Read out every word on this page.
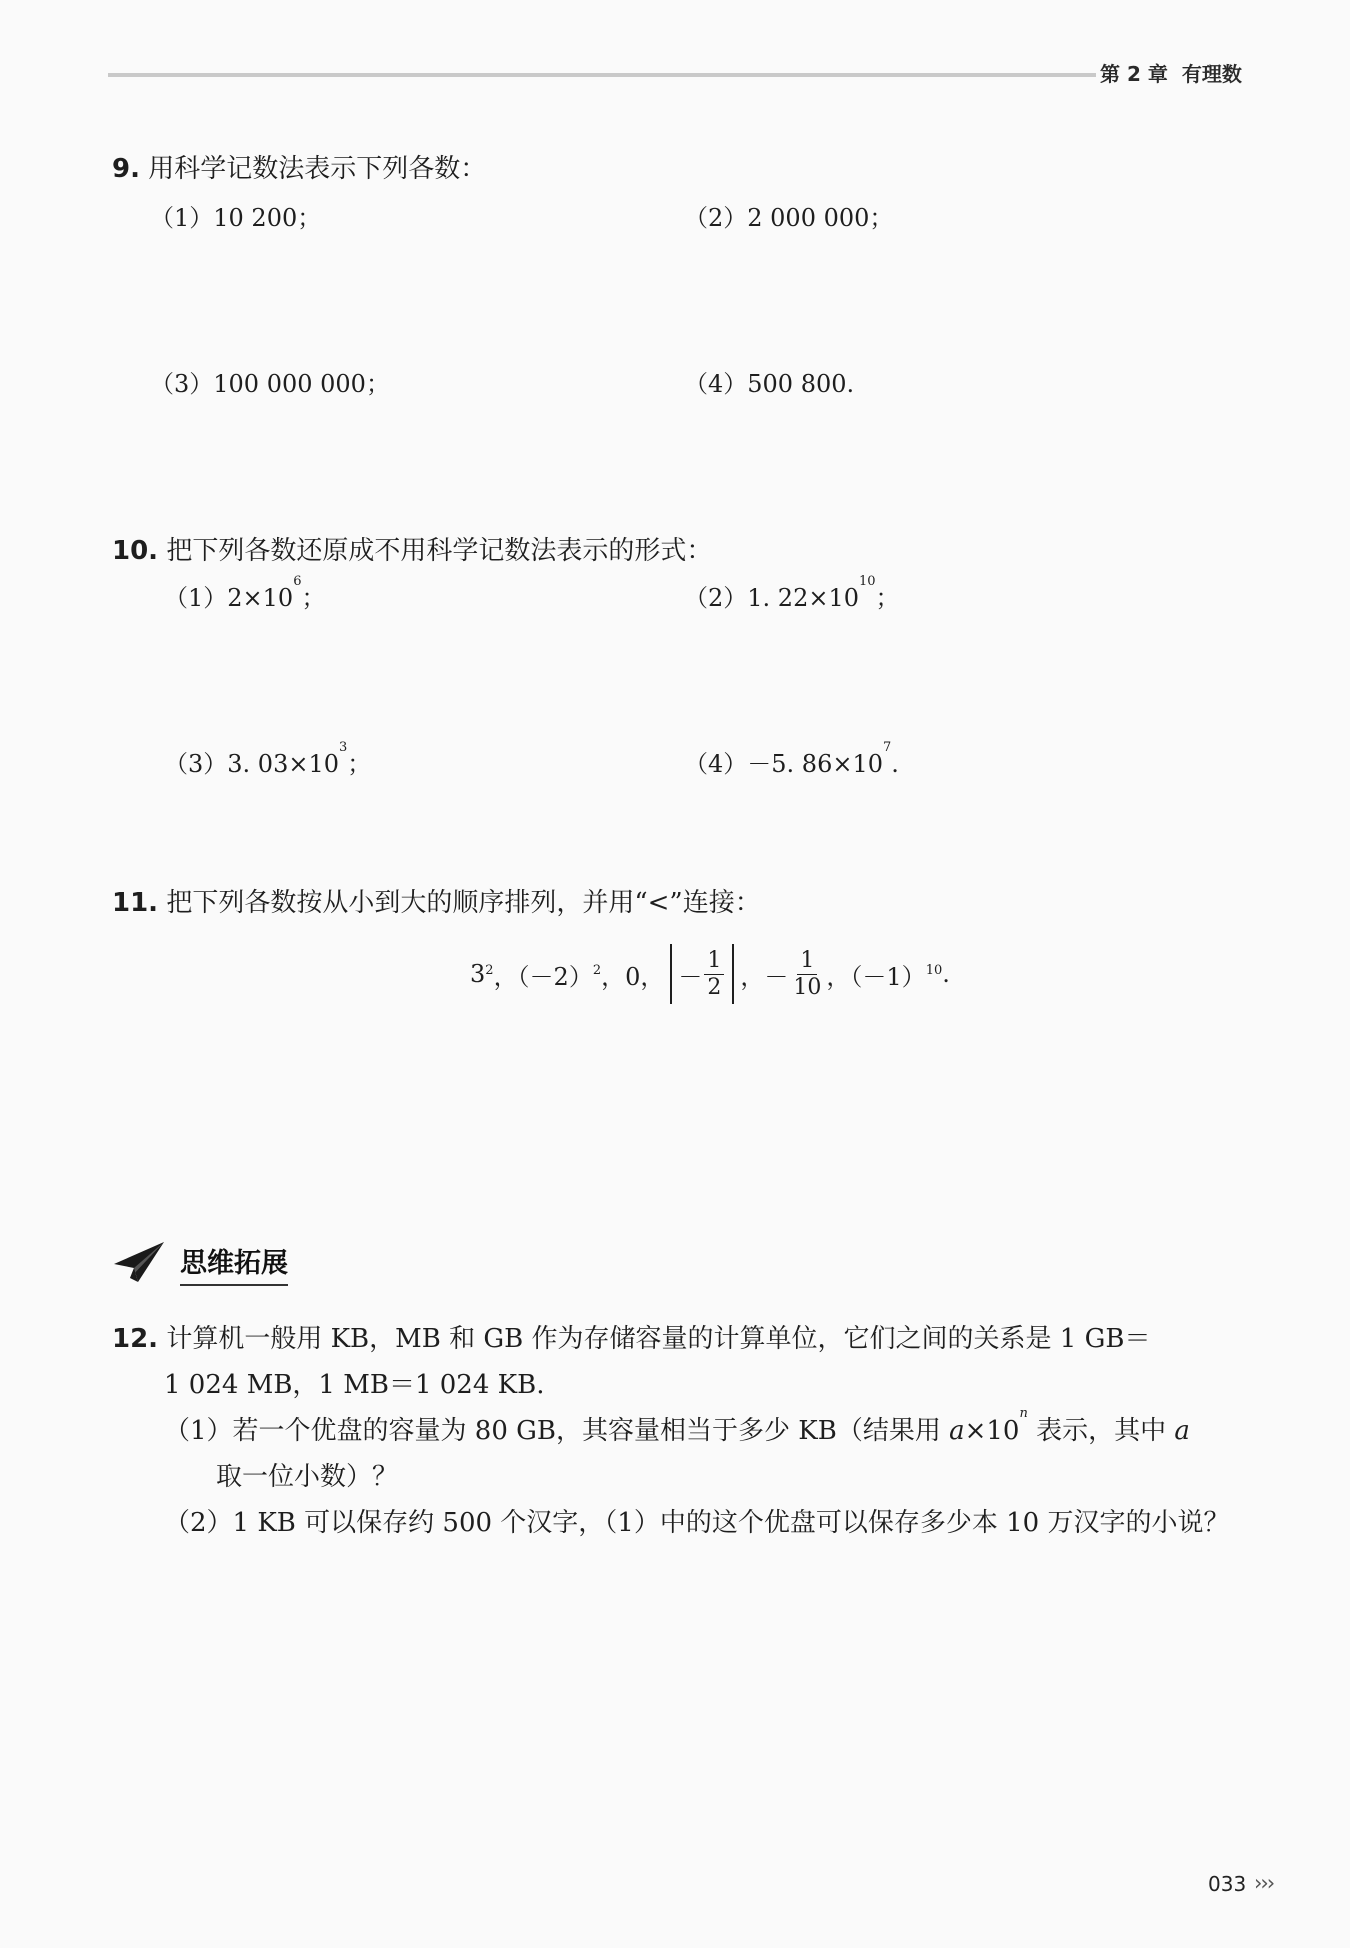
第 2 章 有理数
9. 用科学记数法表示下列各数：
（1）10 200；	（2）2 000 000；
（3）100 000 000；	（4）500 800.
10. 把下列各数还原成不用科学记数法表示的形式：
$(1)2\times 10^6$；	（2）1. $22\times 10^{10}$；
（3）3. $03\times 10^3$；	（4）－5. $86\times 10^7$.
11. 把下列各数按从小到大的顺序排列，并用“<”连接：
$3^2$ ，$(-2)^2$ ，0， － $\frac{1}{2}$ ，－ $\frac{1}{10}$ ，$(-1)^{10}$ .
思维拓展
12. 计算机一般用 KB，MB 和 GB 作为存储容量的计算单位，它们之间的关系是 1 GB＝
1 024 MB，1 MB＝1 024 KB.
（1）若一个优盘的容量为 80 GB，其容量相当于多少 KB（结果用 $a\times 10^n$ 表示，其中 a
取一位小数）？
（2）1 KB 可以保存约 500 个汉字，（1）中的这个优盘可以保存多少本 10 万汉字的小说？
033 ›››
